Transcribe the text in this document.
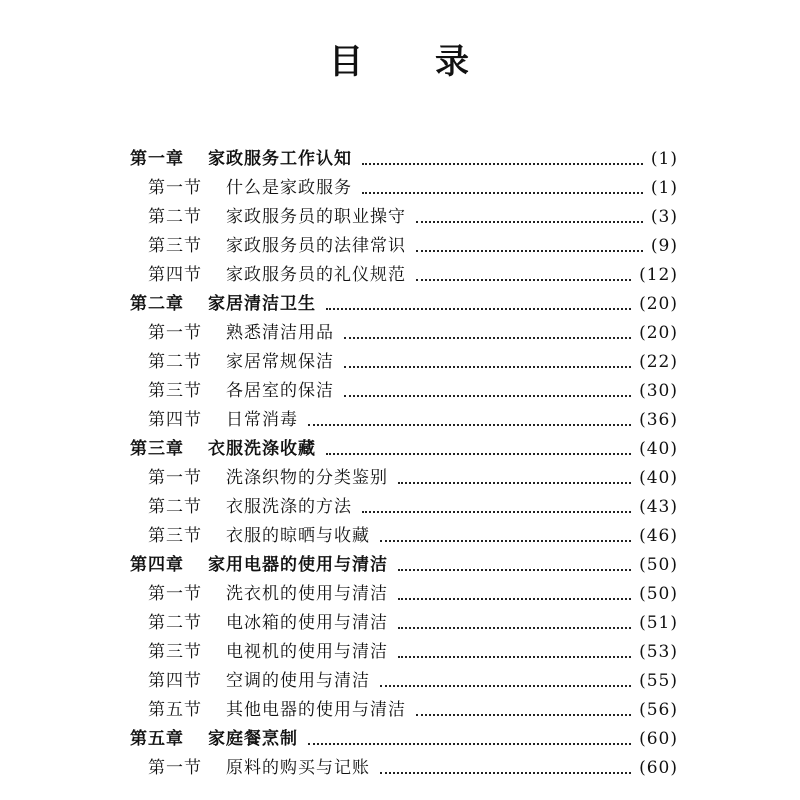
目 录
第一章	家政服务工作认知	(1)
第一节	什么是家政服务	(1)
第二节	家政服务员的职业操守	(3)
第三节	家政服务员的法律常识	(9)
第四节	家政服务员的礼仪规范	(12)
第二章	家居清洁卫生	(20)
第一节	熟悉清洁用品	(20)
第二节	家居常规保洁	(22)
第三节	各居室的保洁	(30)
第四节	日常消毒	(36)
第三章	衣服洗涤收藏	(40)
第一节	洗涤织物的分类鉴别	(40)
第二节	衣服洗涤的方法	(43)
第三节	衣服的晾晒与收藏	(46)
第四章	家用电器的使用与清洁	(50)
第一节	洗衣机的使用与清洁	(50)
第二节	电冰箱的使用与清洁	(51)
第三节	电视机的使用与清洁	(53)
第四节	空调的使用与清洁	(55)
第五节	其他电器的使用与清洁	(56)
第五章	家庭餐烹制	(60)
第一节	原料的购买与记账	(60)
